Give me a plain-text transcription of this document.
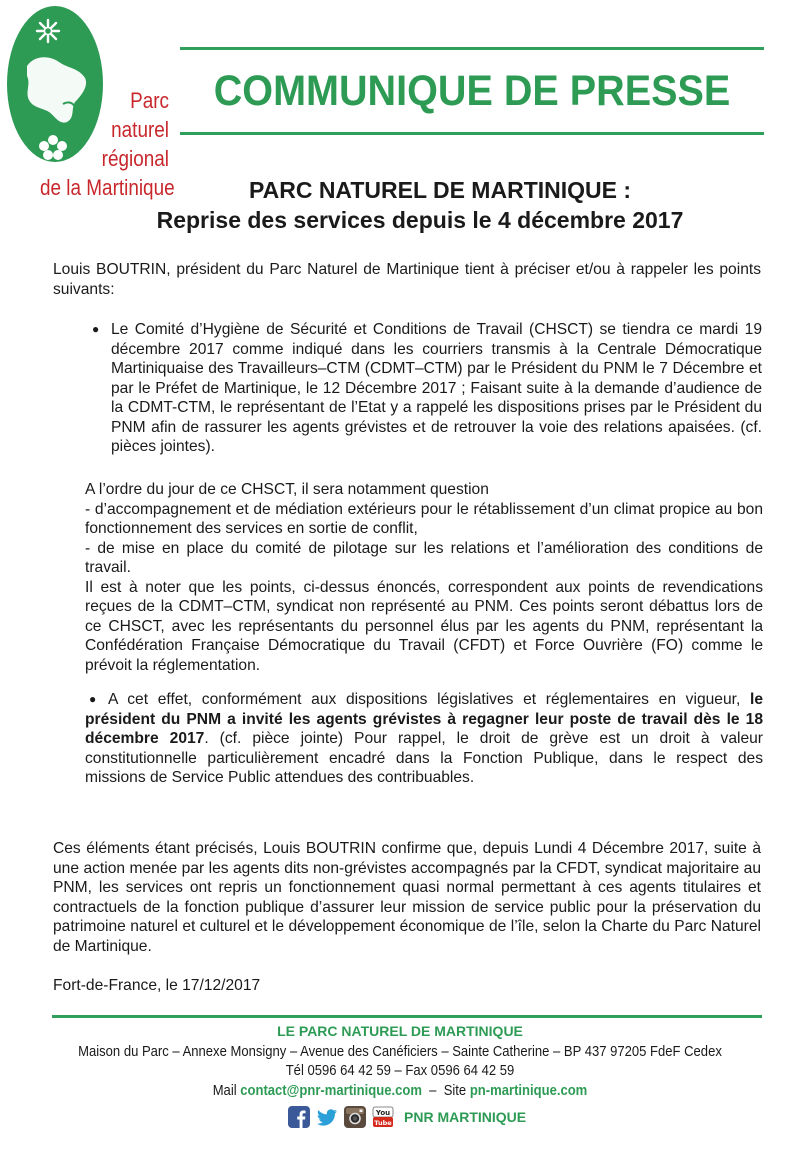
Parc
naturel
régional
de la Martinique
COMMUNIQUE DE PRESSE
PARC NATUREL DE MARTINIQUE :
Reprise des services depuis le 4 décembre 2017
Louis BOUTRIN, président du Parc Naturel de Martinique tient à préciser et/ou à rappeler les points suivants:
● Le Comité d’Hygiène de Sécurité et Conditions de Travail (CHSCT) se tiendra ce mardi 19 décembre 2017 comme indiqué dans les courriers transmis à la Centrale Démocratique Martiniquaise des Travailleurs–CTM (CDMT–CTM) par le Président du PNM le 7 Décembre et par le Préfet de Martinique, le 12 Décembre 2017 ; Faisant suite à la demande d’audience de la CDMT-CTM, le représentant de l’Etat y a rappelé les dispositions prises par le Président du PNM afin de rassurer les agents grévistes et de retrouver la voie des relations apaisées. (cf. pièces jointes).

A l’ordre du jour de ce CHSCT, il sera notamment question

- d’accompagnement et de médiation extérieurs pour le rétablissement d’un climat propice au bon fonctionnement des services en sortie de conflit,

- de mise en place du comité de pilotage sur les relations et l’amélioration des conditions de travail.

Il est à noter que les points, ci-dessus énoncés, correspondent aux points de revendications reçues de la CDMT–CTM, syndicat non représenté au PNM. Ces points seront débattus lors de ce CHSCT, avec les représentants du personnel élus par les agents du PNM, représentant la Confédération Française Démocratique du Travail (CFDT) et Force Ouvrière (FO) comme le prévoit la réglementation.

● A cet effet, conformément aux dispositions législatives et réglementaires en vigueur, le président du PNM a invité les agents grévistes à regagner leur poste de travail dès le 18 décembre 2017. (cf. pièce jointe) Pour rappel, le droit de grève est un droit à valeur constitutionnelle particulièrement encadré dans la Fonction Publique, dans le respect des missions de Service Public attendues des contribuables.

Ces éléments étant précisés, Louis BOUTRIN confirme que, depuis Lundi 4 Décembre 2017, suite à une action menée par les agents dits non-grévistes accompagnés par la CFDT, syndicat majoritaire au PNM, les services ont repris un fonctionnement quasi normal permettant à ces agents titulaires et contractuels de la fonction publique d’assurer leur mission de service public pour la préservation du patrimoine naturel et culturel et le développement économique de l’île, selon la Charte du Parc Naturel de Martinique.
Fort-de-France, le 17/12/2017
LE PARC NATUREL DE MARTINIQUE
Maison du Parc – Annexe Monsigny – Avenue des Canéficiers – Sainte Catherine – BP 437 97205 FdeF Cedex
Tél 0596 64 42 59 – Fax 0596 64 42 59
Mail contact@pnr-martinique.com – Site pn-martinique.com
You
Tube PNR MARTINIQUE
